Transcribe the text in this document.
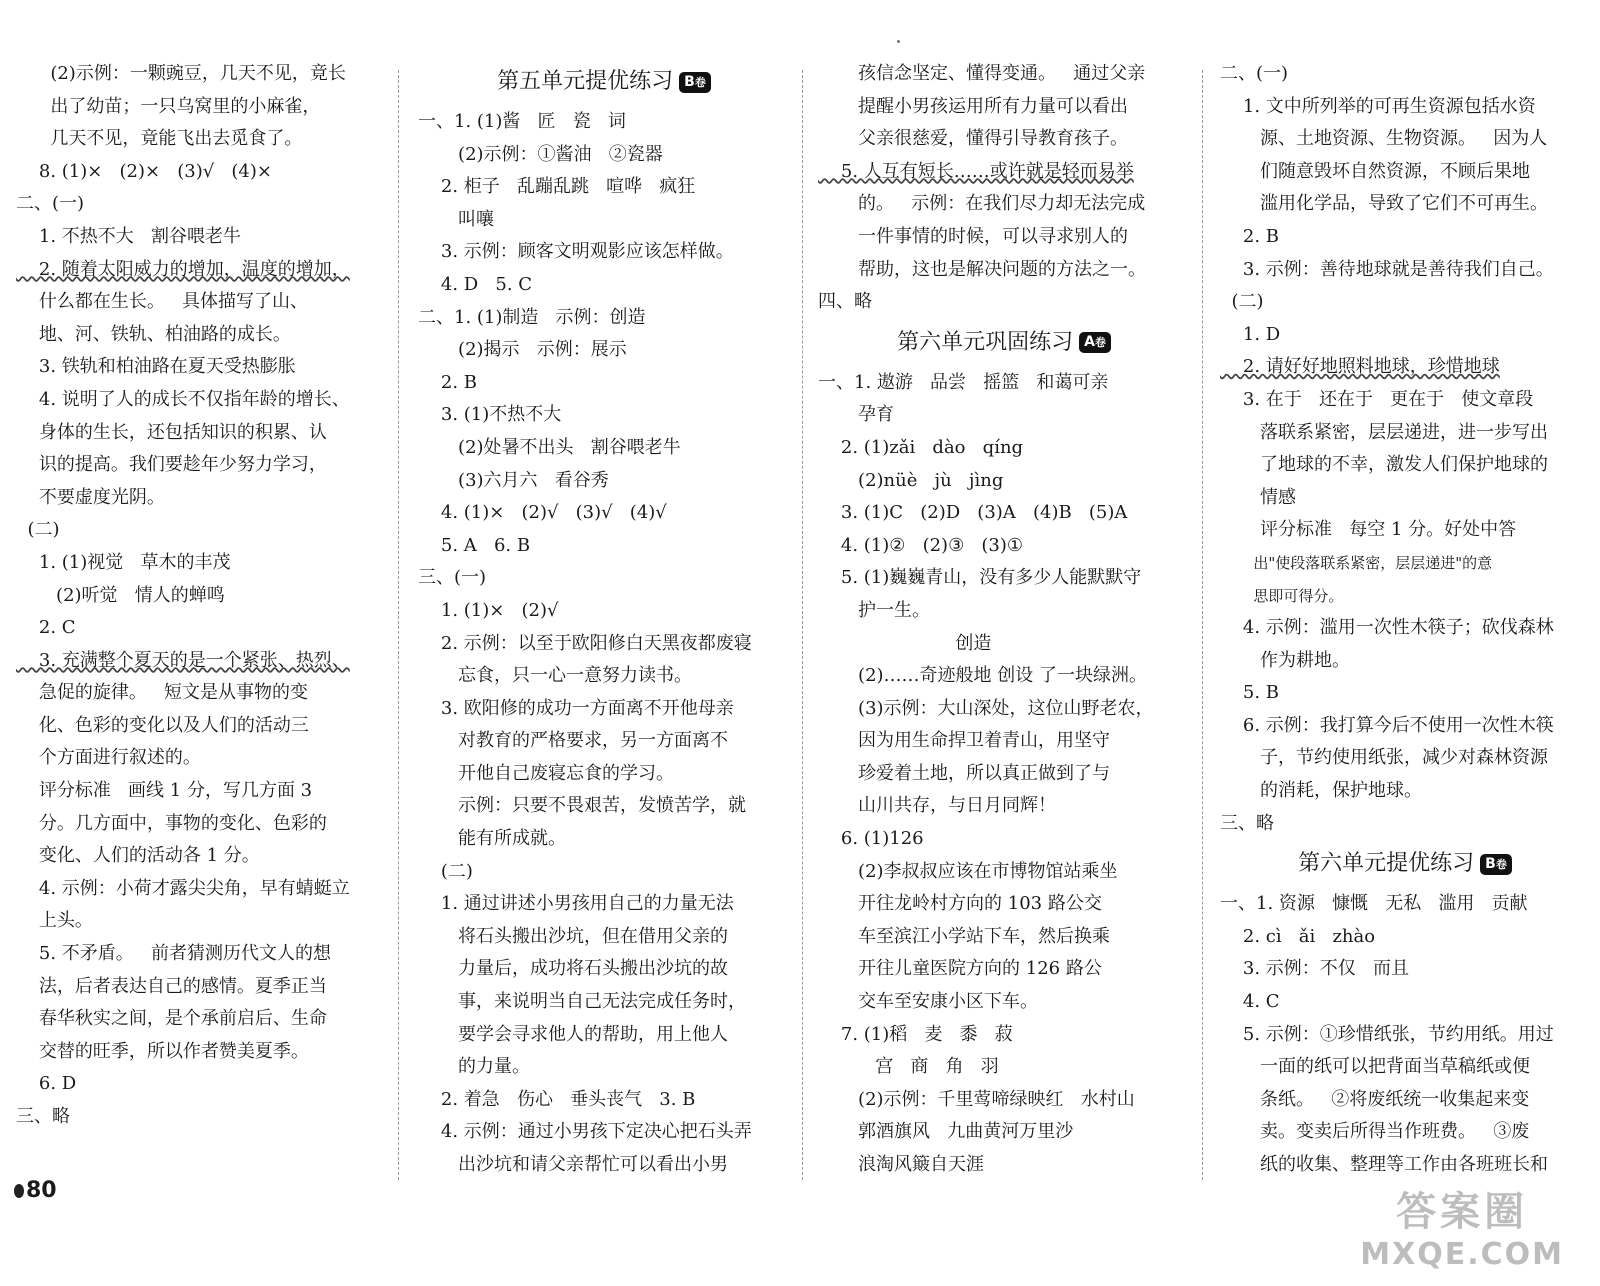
(2)示例：一颗豌豆，几天不见，竟长
出了幼苗；一只乌窝里的小麻雀，
几天不见，竟能飞出去觅食了。
8. (1)×   (2)×   (3)√   (4)×
二、(一)
1. 不热不大   割谷喂老牛
2. 随着太阳威力的增加，温度的增加，
什么都在生长。   具体描写了山、
地、河、铁轨、柏油路的成长。
3. 铁轨和柏油路在夏天受热膨胀
4. 说明了人的成长不仅指年龄的增长、
身体的生长，还包括知识的积累、认
识的提高。我们要趁年少努力学习，
不要虚度光阴。
(二)
1. (1)视觉   草木的丰茂
(2)听觉   情人的蝉鸣
2. C
3. 充满整个夏天的是一个紧张、热烈、
急促的旋律。   短文是从事物的变
化、色彩的变化以及人们的活动三
个方面进行叙述的。
评分标准   画线 1 分，写几方面 3
分。几方面中，事物的变化、色彩的
变化、人们的活动各 1 分。
4. 示例：小荷才露尖尖角，早有蜻蜓立
上头。
5. 不矛盾。   前者猜测历代文人的想
法，后者表达自己的感情。夏季正当
春华秋实之间，是个承前启后、生命
交替的旺季，所以作者赞美夏季。
6. D
三、略
第五单元提优练习 B卷
一、1. (1)酱   匠   瓷   词
(2)示例：①酱油   ②瓷器
2. 柜子   乱蹦乱跳   喧哗   疯狂
叫嚷
3. 示例：顾客文明观影应该怎样做。
4. D   5. C
二、1. (1)制造   示例：创造
(2)揭示   示例：展示
2. B
3. (1)不热不大
(2)处暑不出头   割谷喂老牛
(3)六月六   看谷秀
4. (1)×   (2)√   (3)√   (4)√
5. A   6. B
三、(一)
1. (1)×   (2)√
2. 示例：以至于欧阳修白天黑夜都废寝
忘食，只一心一意努力读书。
3. 欧阳修的成功一方面离不开他母亲
对教育的严格要求，另一方面离不
开他自己废寝忘食的学习。
示例：只要不畏艰苦，发愤苦学，就
能有所成就。
(二)
1. 通过讲述小男孩用自己的力量无法
将石头搬出沙坑，但在借用父亲的
力量后，成功将石头搬出沙坑的故
事，来说明当自己无法完成任务时，
要学会寻求他人的帮助，用上他人
的力量。
2. 着急   伤心   垂头丧气   3. B
4. 示例：通过小男孩下定决心把石头弄
出沙坑和请父亲帮忙可以看出小男
孩信念坚定、懂得变通。   通过父亲
提醒小男孩运用所有力量可以看出
父亲很慈爱，懂得引导教育孩子。
5. 人互有短长……或许就是轻而易举
的。   示例：在我们尽力却无法完成
一件事情的时候，可以寻求别人的
帮助，这也是解决问题的方法之一。
四、略
第六单元巩固练习 A卷
一、1. 遨游   品尝   摇篮   和蔼可亲
孕育
2. (1)zǎi   dào   qíng
(2)nüè   jù   jìng
3. (1)C   (2)D   (3)A   (4)B   (5)A
4. (1)②   (2)③   (3)①
5. (1)巍巍青山，没有多少人能默默守
护一生。
创造
(2)……奇迹般地 创设 了一块绿洲。
(3)示例：大山深处，这位山野老农，
因为用生命捍卫着青山，用坚守
珍爱着土地，所以真正做到了与
山川共存，与日月同辉！
6. (1)126
(2)李叔叔应该在市博物馆站乘坐
开往龙岭村方向的 103 路公交
车至滨江小学站下车，然后换乘
开往儿童医院方向的 126 路公
交车至安康小区下车。
7. (1)稻   麦   黍   菽
宫   商   角   羽
(2)示例：千里莺啼绿映红   水村山
郭酒旗风   九曲黄河万里沙
浪淘风簸自天涯
二、(一)
1. 文中所列举的可再生资源包括水资
源、土地资源、生物资源。   因为人
们随意毁坏自然资源，不顾后果地
滥用化学品，导致了它们不可再生。
2. B
3. 示例：善待地球就是善待我们自己。
(二)
1. D
2. 请好好地照料地球，珍惜地球
3. 在于   还在于   更在于   使文章段
落联系紧密，层层递进，进一步写出
了地球的不幸，激发人们保护地球的
情感
评分标准   每空 1 分。好处中答
出"使段落联系紧密，层层递进"的意
思即可得分。
4. 示例：滥用一次性木筷子；砍伐森林
作为耕地。
5. B
6. 示例：我打算今后不使用一次性木筷
子，节约使用纸张，减少对森林资源
的消耗，保护地球。
三、略
第六单元提优练习 B卷
一、1. 资源   慷慨   无私   滥用   贡献
2. cì   ǎi   zhào
3. 示例：不仅   而且
4. C
5. 示例：①珍惜纸张，节约用纸。用过
一面的纸可以把背面当草稿纸或便
条纸。   ②将废纸统一收集起来变
卖。变卖后所得当作班费。   ③废
纸的收集、整理等工作由各班班长和
80	答案圈
MXQE.COM
